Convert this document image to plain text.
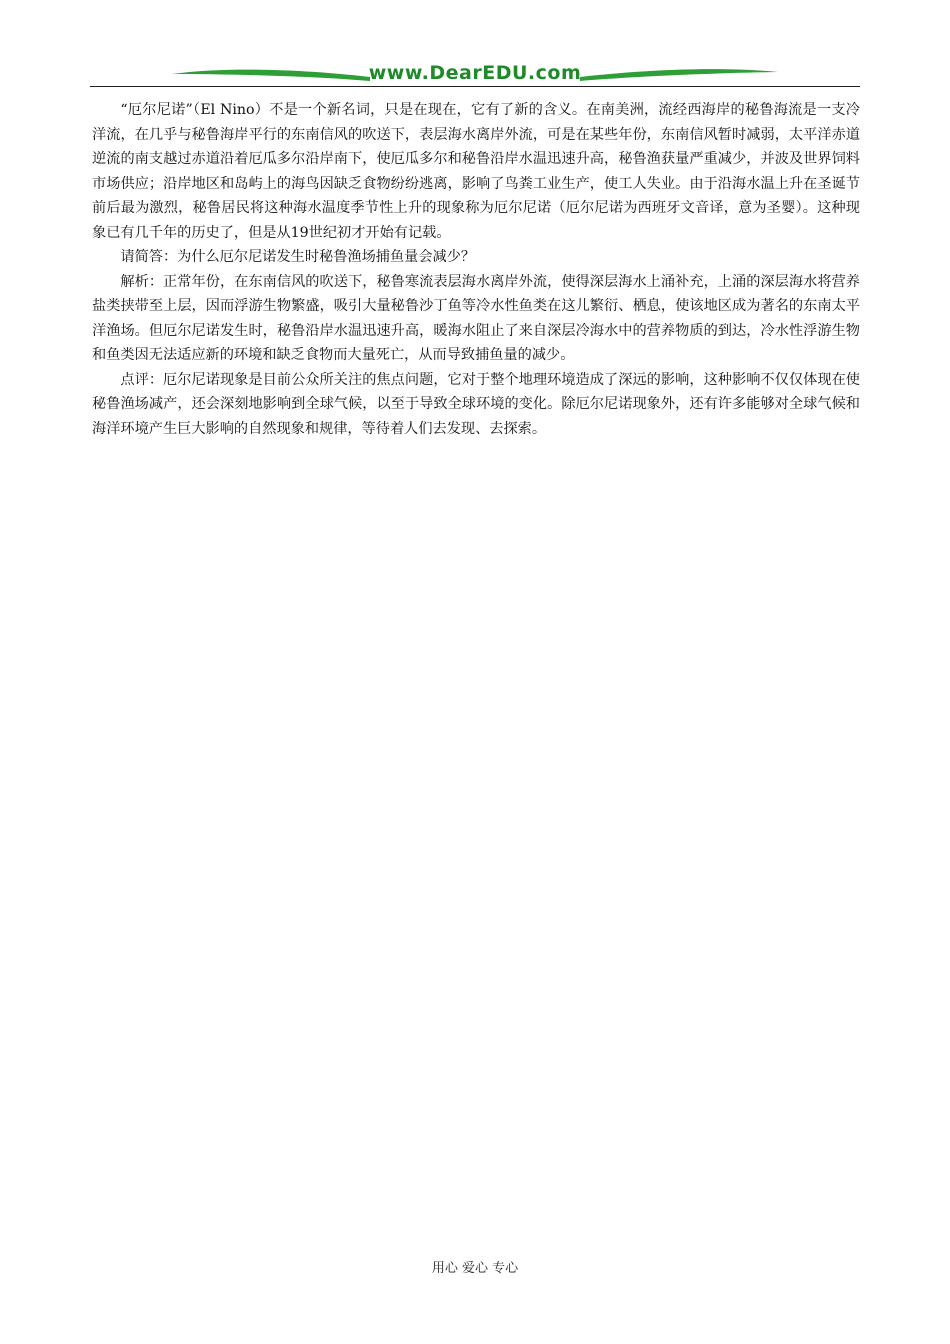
www.DearEDU.com

“厄尔尼诺”（El Nino）不是一个新名词，只是在现在，它有了新的含义。在南美洲，流经西海岸的秘鲁海流是一支冷洋流，在几乎与秘鲁海岸平行的东南信风的吹送下，表层海水离岸外流，可是在某些年份，东南信风暂时减弱，太平洋赤道逆流的南支越过赤道沿着厄瓜多尔沿岸南下，使厄瓜多尔和秘鲁沿岸水温迅速升高，秘鲁渔获量严重减少，并波及世界饲料市场供应；沿岸地区和岛屿上的海鸟因缺乏食物纷纷逃离，影响了鸟粪工业生产，使工人失业。由于沿海水温上升在圣诞节前后最为激烈，秘鲁居民将这种海水温度季节性上升的现象称为厄尔尼诺（厄尔尼诺为西班牙文音译，意为圣婴）。这种现象已有几千年的历史了，但是从19世纪初才开始有记载。

请简答：为什么厄尔尼诺发生时秘鲁渔场捕鱼量会减少？

解析：正常年份，在东南信风的吹送下，秘鲁寒流表层海水离岸外流，使得深层海水上涌补充，上涌的深层海水将营养盐类挟带至上层，因而浮游生物繁盛，吸引大量秘鲁沙丁鱼等冷水性鱼类在这儿繁衍、栖息，使该地区成为著名的东南太平洋渔场。但厄尔尼诺发生时，秘鲁沿岸水温迅速升高，暖海水阻止了来自深层冷海水中的营养物质的到达，冷水性浮游生物和鱼类因无法适应新的环境和缺乏食物而大量死亡，从而导致捕鱼量的减少。

点评：厄尔尼诺现象是目前公众所关注的焦点问题，它对于整个地理环境造成了深远的影响，这种影响不仅仅体现在使秘鲁渔场减产，还会深刻地影响到全球气候，以至于导致全球环境的变化。除厄尔尼诺现象外，还有许多能够对全球气候和海洋环境产生巨大影响的自然现象和规律，等待着人们去发现、去探索。

用心 爱心 专心
